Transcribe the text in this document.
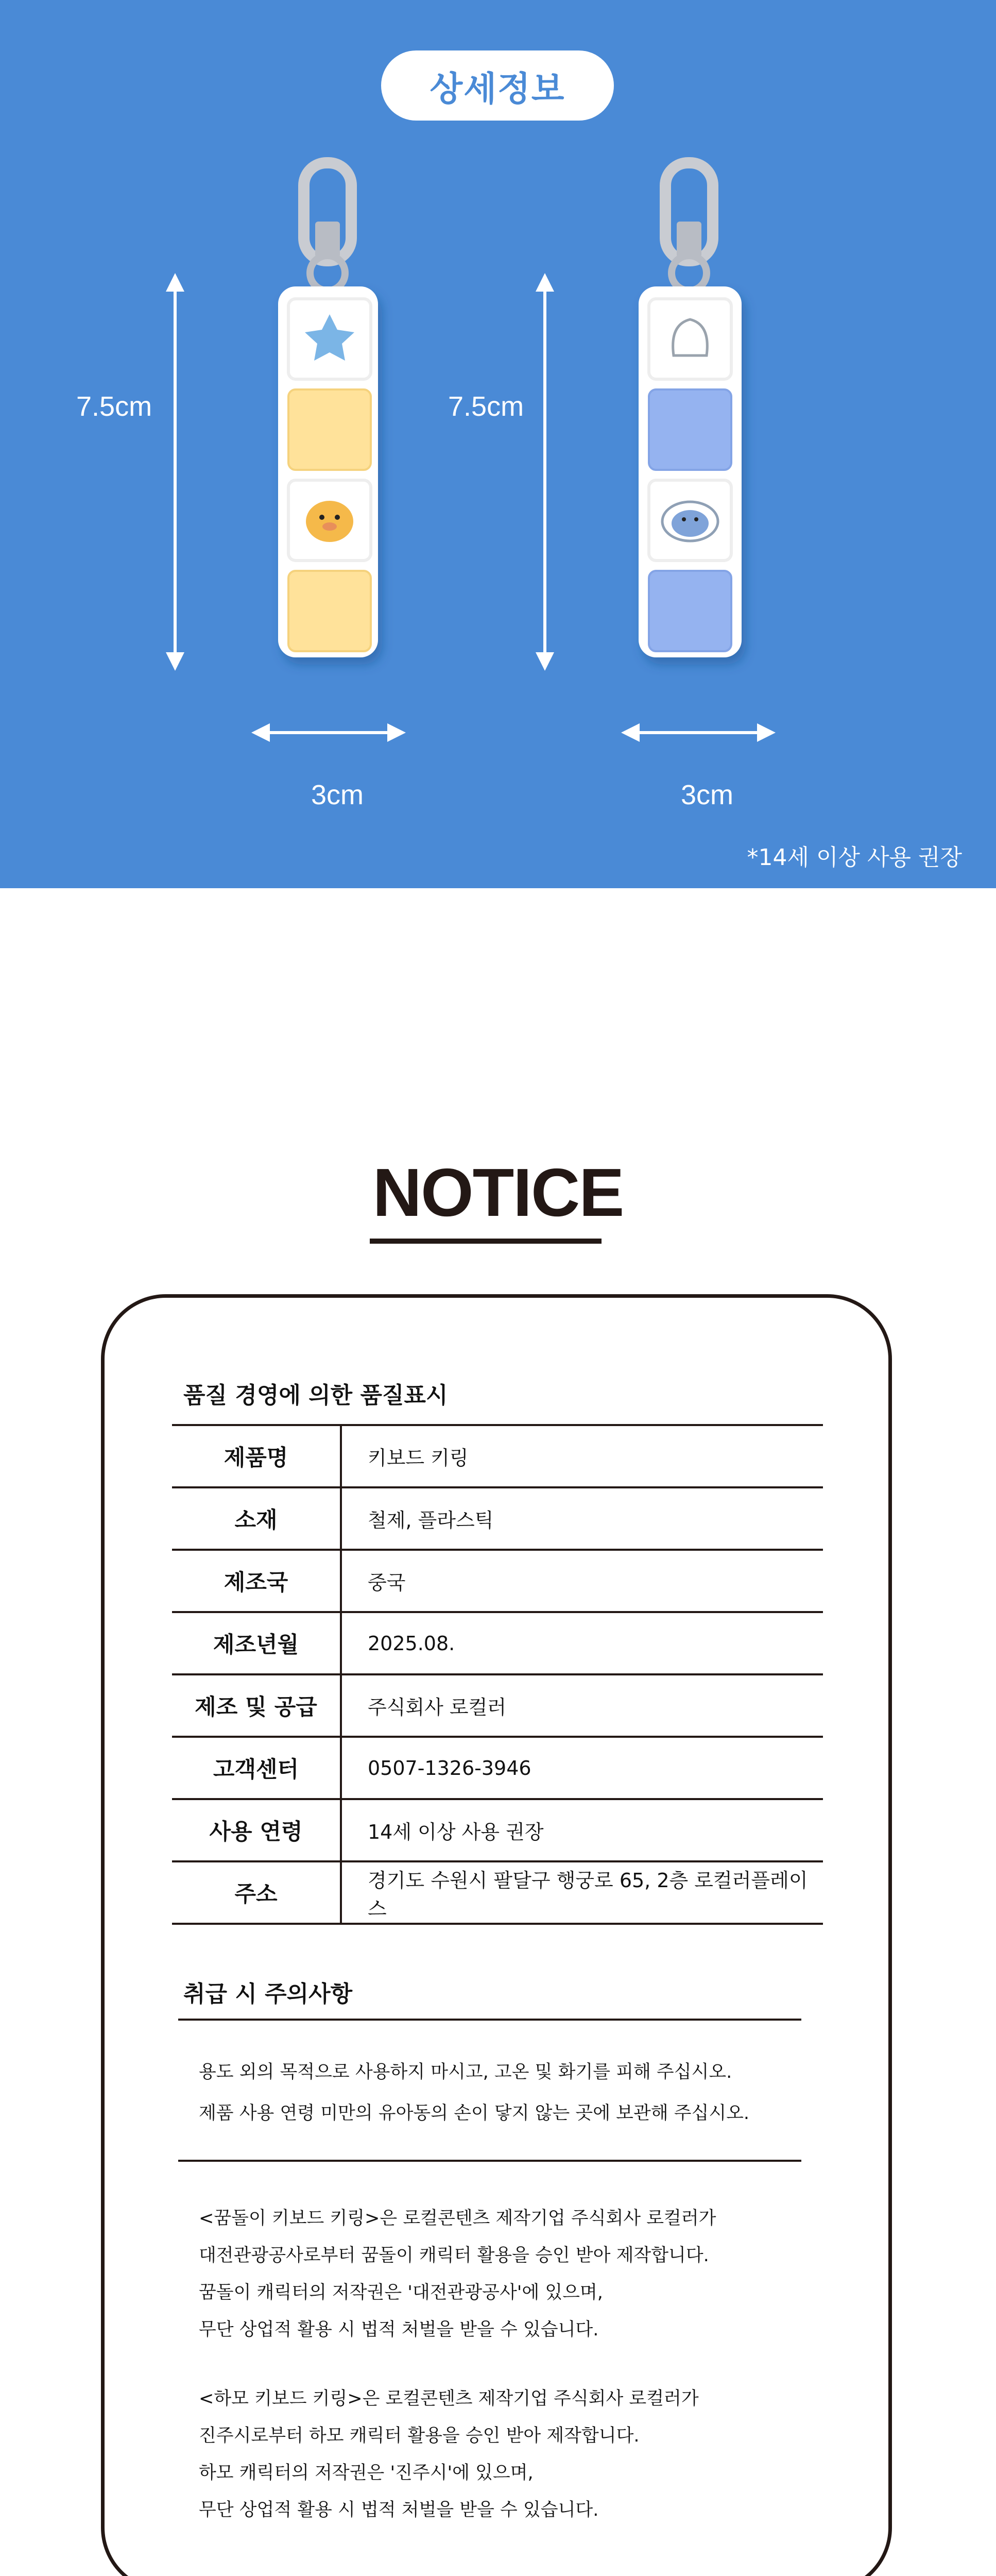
상세정보
7.5cm	7.5cm
3cm	3cm
*14세 이상 사용 권장
NOTICE
품질 경영에 의한 품질표시
제품명	키보드 키링
소재	철제, 플라스틱
제조국	중국
제조년월	2025.08.
제조 및 공급	주식회사 로컬러
고객센터	0507-1326-3946
사용 연령	14세 이상 사용 권장
주소	경기도 수원시 팔달구 행궁로 65, 2층 로컬러플레이스
취급 시 주의사항
용도 외의 목적으로 사용하지 마시고, 고온 및 화기를 피해 주십시오.
제품 사용 연령 미만의 유아동의 손이 닿지 않는 곳에 보관해 주십시오.
<꿈돌이 키보드 키링>은 로컬콘텐츠 제작기업 주식회사 로컬러가
대전관광공사로부터 꿈돌이 캐릭터 활용을 승인 받아 제작합니다.
꿈돌이 캐릭터의 저작권은 '대전관광공사'에 있으며,
무단 상업적 활용 시 법적 처벌을 받을 수 있습니다.
<하모 키보드 키링>은 로컬콘텐츠 제작기업 주식회사 로컬러가
진주시로부터 하모 캐릭터 활용을 승인 받아 제작합니다.
하모 캐릭터의 저작권은 '진주시'에 있으며,
무단 상업적 활용 시 법적 처벌을 받을 수 있습니다.
